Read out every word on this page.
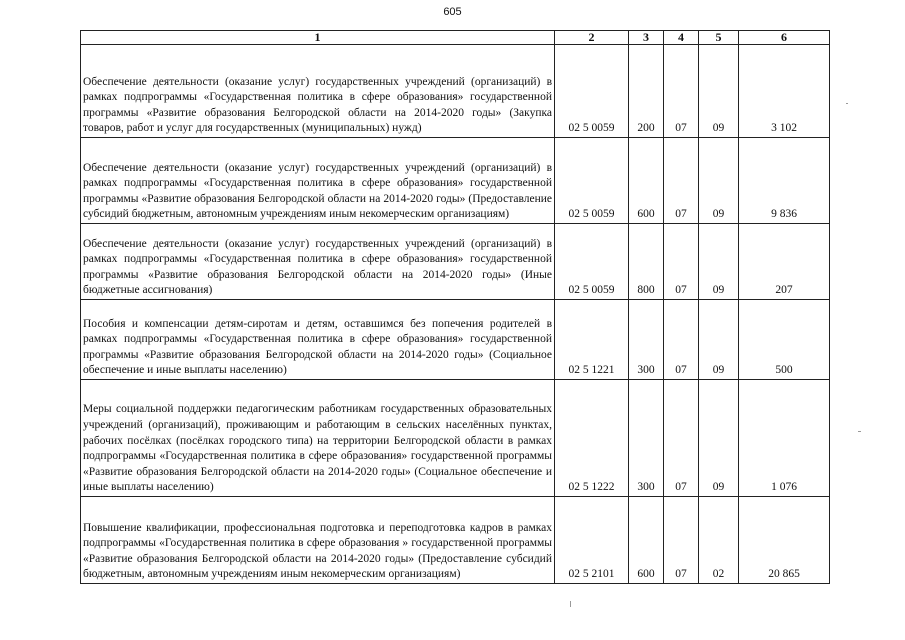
605
1	2	3	4	5	6
Обеспечение деятельности (оказание услуг) государственных учреждений (организаций) в рамках подпрограммы «Государственная политика в сфере образования» государственной программы «Развитие образования Белгородской области на 2014-2020 годы» (Закупка товаров, работ и услуг для государственных (муниципальных) нужд)	02 5 0059	200	07	09	3 102
Обеспечение деятельности (оказание услуг) государственных учреждений (организаций) в рамках подпрограммы «Государственная политика в сфере образования» государственной программы «Развитие образования Белгородской области на 2014-2020 годы» (Предоставление субсидий бюджетным, автономным учреждениям иным некомерческим организациям)	02 5 0059	600	07	09	9 836
Обеспечение деятельности (оказание услуг) государственных учреждений (организаций) в рамках подпрограммы «Государственная политика в сфере образования» государственной программы «Развитие образования Белгородской области на 2014-2020 годы» (Иные бюджетные ассигнования)	02 5 0059	800	07	09	207
Пособия и компенсации детям-сиротам и детям, оставшимся без попечения родителей в рамках подпрограммы «Государственная политика в сфере образования» государственной программы «Развитие образования Белгородской области на 2014-2020 годы» (Социальное обеспечение и иные выплаты населению)	02 5 1221	300	07	09	500
Меры социальной поддержки педагогическим работникам государственных образовательных учреждений (организаций), проживающим и работающим в сельских населённых пунктах, рабочих посёлках (посёлках городского типа) на территории Белгородской области в рамках подпрограммы «Государственная политика в сфере образования» государственной программы «Развитие образования Белгородской области на 2014-2020 годы» (Социальное обеспечение и иные выплаты населению)	02 5 1222	300	07	09	1 076
Повышение квалификации, профессиональная подготовка и переподготовка кадров в рамках подпрограммы «Государственная политика в сфере образования » государственной программы «Развитие образования Белгородской области на 2014-2020 годы» (Предоставление субсидий бюджетным, автономным учреждениям иным некомерческим организациям)	02 5 2101	600	07	02	20 865
